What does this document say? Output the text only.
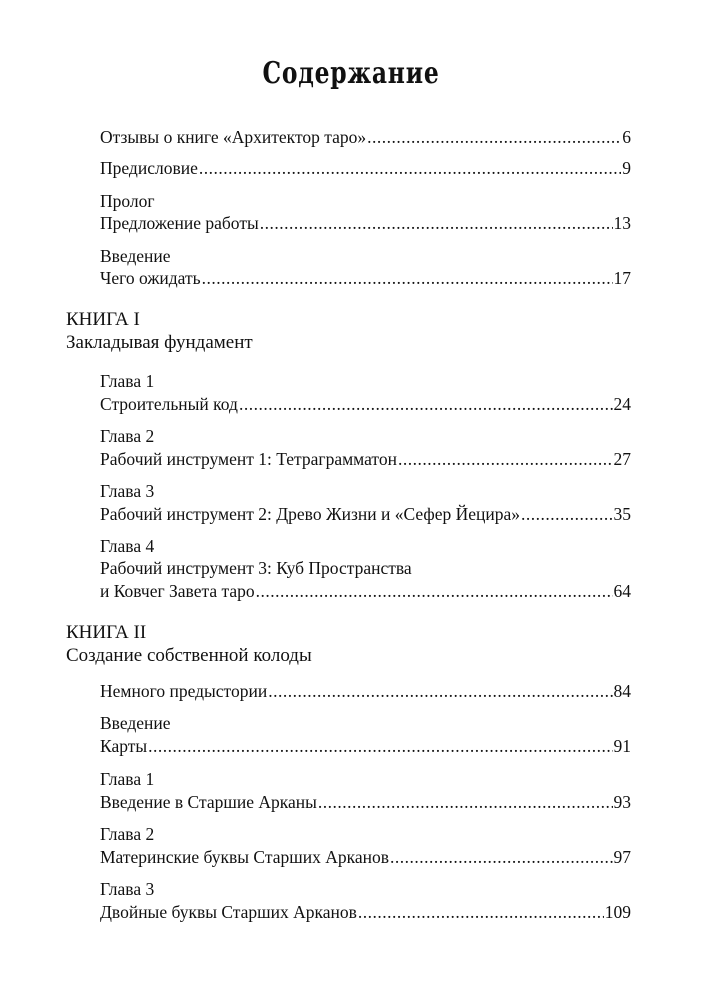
Содержание
Отзывы о книге «Архитектор таро» .....	6
Предисловие .....	9
Пролог
Предложение работы .....	13
Введение
Чего ожидать .....	17
КНИГА I
Закладывая фундамент
Глава 1
Строительный код .....	24
Глава 2
Рабочий инструмент 1: Тетраграмматон .....	27
Глава 3
Рабочий инструмент 2: Древо Жизни и «Сефер Йецира» .....	35
Глава 4
Рабочий инструмент 3: Куб Пространства
и Ковчег Завета таро .....	64
КНИГА II
Создание собственной колоды
Немного предыстории .....	84
Введение
Карты .....	91
Глава 1
Введение в Старшие Арканы .....	93
Глава 2
Материнские буквы Старших Арканов .....	97
Глава 3
Двойные буквы Старших Арканов .....	109
